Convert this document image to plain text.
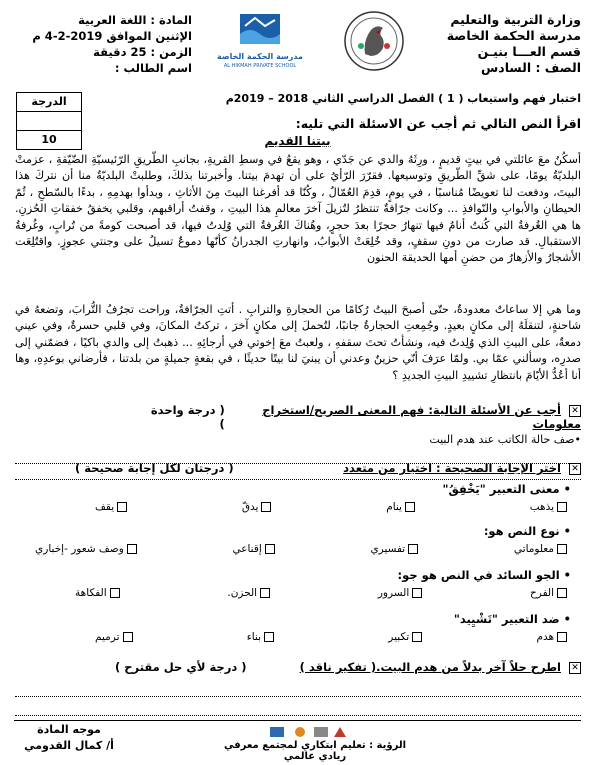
وزارة التربية والتعليم
مدرسة الحكمة الخاصة
قسم العـــا بنيـن
الصف : السادس
المادة : اللغة العربية
الإثنين الموافق 2019-2-4 م
الزمن : 25 دقيقة
اسم الطالب :
مدرسة الحكمة الخاصة
AL HIKMAH PRIVATE SCHOOL
الدرجة
10
اختبار فهم واستيعاب ( 1 ) الفصل الدراسي الثاني 2018 – 2019م
اقرأ النص التالي ثم أجب عن الاسئلة التي تليه:
بيتنا القديم
أسكُنُ معَ عائلتي في بيتٍ قديمٍ ، ورِثَهُ والدي عن جَدّي ، وهو يقعُ في وسطِ القريةِ، بجانبِ الطّريقِ الرّئيسيّةِ الضّيّقةِ ، عزمتْ البلديّةُ يومًا، على شقِّ الطّريقِ وتوسيعها. فقرّرَ الرّأيُ على أن تهدمَ بيتنا. وأخبرتنا بذلكَ، وطلبتْ البلديّةُ منا أن نتركَ هذا البيتَ، ودفعت لنا تعويضًا مُناسبًا ، في يومٍ، قدِمَ العُمّالُ ، وكُنّا قد أفرغنا البيتَ مِنَ الأثاثِ ، وبدأوا بهدمِهِ ، بدءًا بالسّطحِ ، ثُمّ الحيطانِ والأبوابِ والنّوافذِ ... وكانت جرّافةٌ تنتظرُ لتُزيلَ آخرَ معالمِ هذا البيتِ ، وقفتُ أراقبهم، وقلبي يخفقُ خفقاتِ الحُزنِ. ها هي الغُرفةُ التي كُنتُ أنامُ فيها تنهارُ حجرًا بعدَ حجرٍ، وهُناكَ الغُرفةُ التي وُلِدتُ فيها، قد أصبحت كومةً من تُرابٍ، وغُرفةُ الاستقبالِ. قد صارت من دونِ سقفٍ، وقد خُلِعَتْ الأبوابُ، وانهارتِ الجدرانُ كأنّها دموعٌ تسيلُ على وجنتي عجوزٍ. واقتُلِعَت الأشجارُ والأزهارُ من حضنِ أمها الحديقة الحنون
وما هي إلا ساعاتٌ معدودةٌ، حتّى أصبحَ البيتُ رُكامًا من الحجارةِ والترابِ . أتتِ الجرّافةُ، وراحت تجرُفُ التُّرابَ، وتضعهُ في شاحنةٍ، لتنقلَهُ إلى مكانٍ بعيدٍ. وجُمِعتِ الحجارةُ جانبًا، لتُحملَ إلى مكانٍ آخرَ ، تركتُ المكانَ، وفي قلبي حسرةٌ، وفي عيني دمعةٌ، على البيتِ الذي وُلِدتُ فيه، ونشأتُ تحتَ سقفهِ ، ولعبتُ معَ إخوتي في أرجائِهِ ... ذهبتُ إلى والدي باكيًا ، فضمّني إلى صدرِه، وسألني عمّا بي. ولمّا عرَفَ أنّي حزينٌ وعدني أن يبنيَ لنا بيتًا حديثًا ، في بقعةٍ جميلةٍ من بلدتنا ، فأرضاني بوعدِهِ، وها أنا أعُدُّ الأيّامَ بانتظارِ تشييدِ البيتِ الجديدِ ؟
✕ أجب عن الأسئلة التالية: فهم المعنى الصريح/استخراج معلومات
( درجة واحدة )
•صف حالة الكاتب عند هدم البيت
✕ اختر الإجابة الصحيحة : اختيار من متعدد
( درجتان لكل إجابة صحيحة )
• معنى التعبير "يَخْفِقُ"
يذهب
ينام
يدقّ
يقف
• نوع النص هو:
معلوماتي
تفسيري
إقناعي
وصف شعور -إخباري
• الجو السائد في النص هو جو:
الفرح
السرور
الحزن.
الفكاهة
• ضد التعبير "تَشْيِيد"
هدم
تكبير
بناء
ترميم
✕ اطرح حلاً آخر بدلاً من هدم البيت.( تفكير ناقد )
( درجة لأي حل مقترح )
موجه المادة
أ/ كمال القدومي	الرؤية : تعليم ابتكاري لمجتمع معرفي ريادي عالمي
